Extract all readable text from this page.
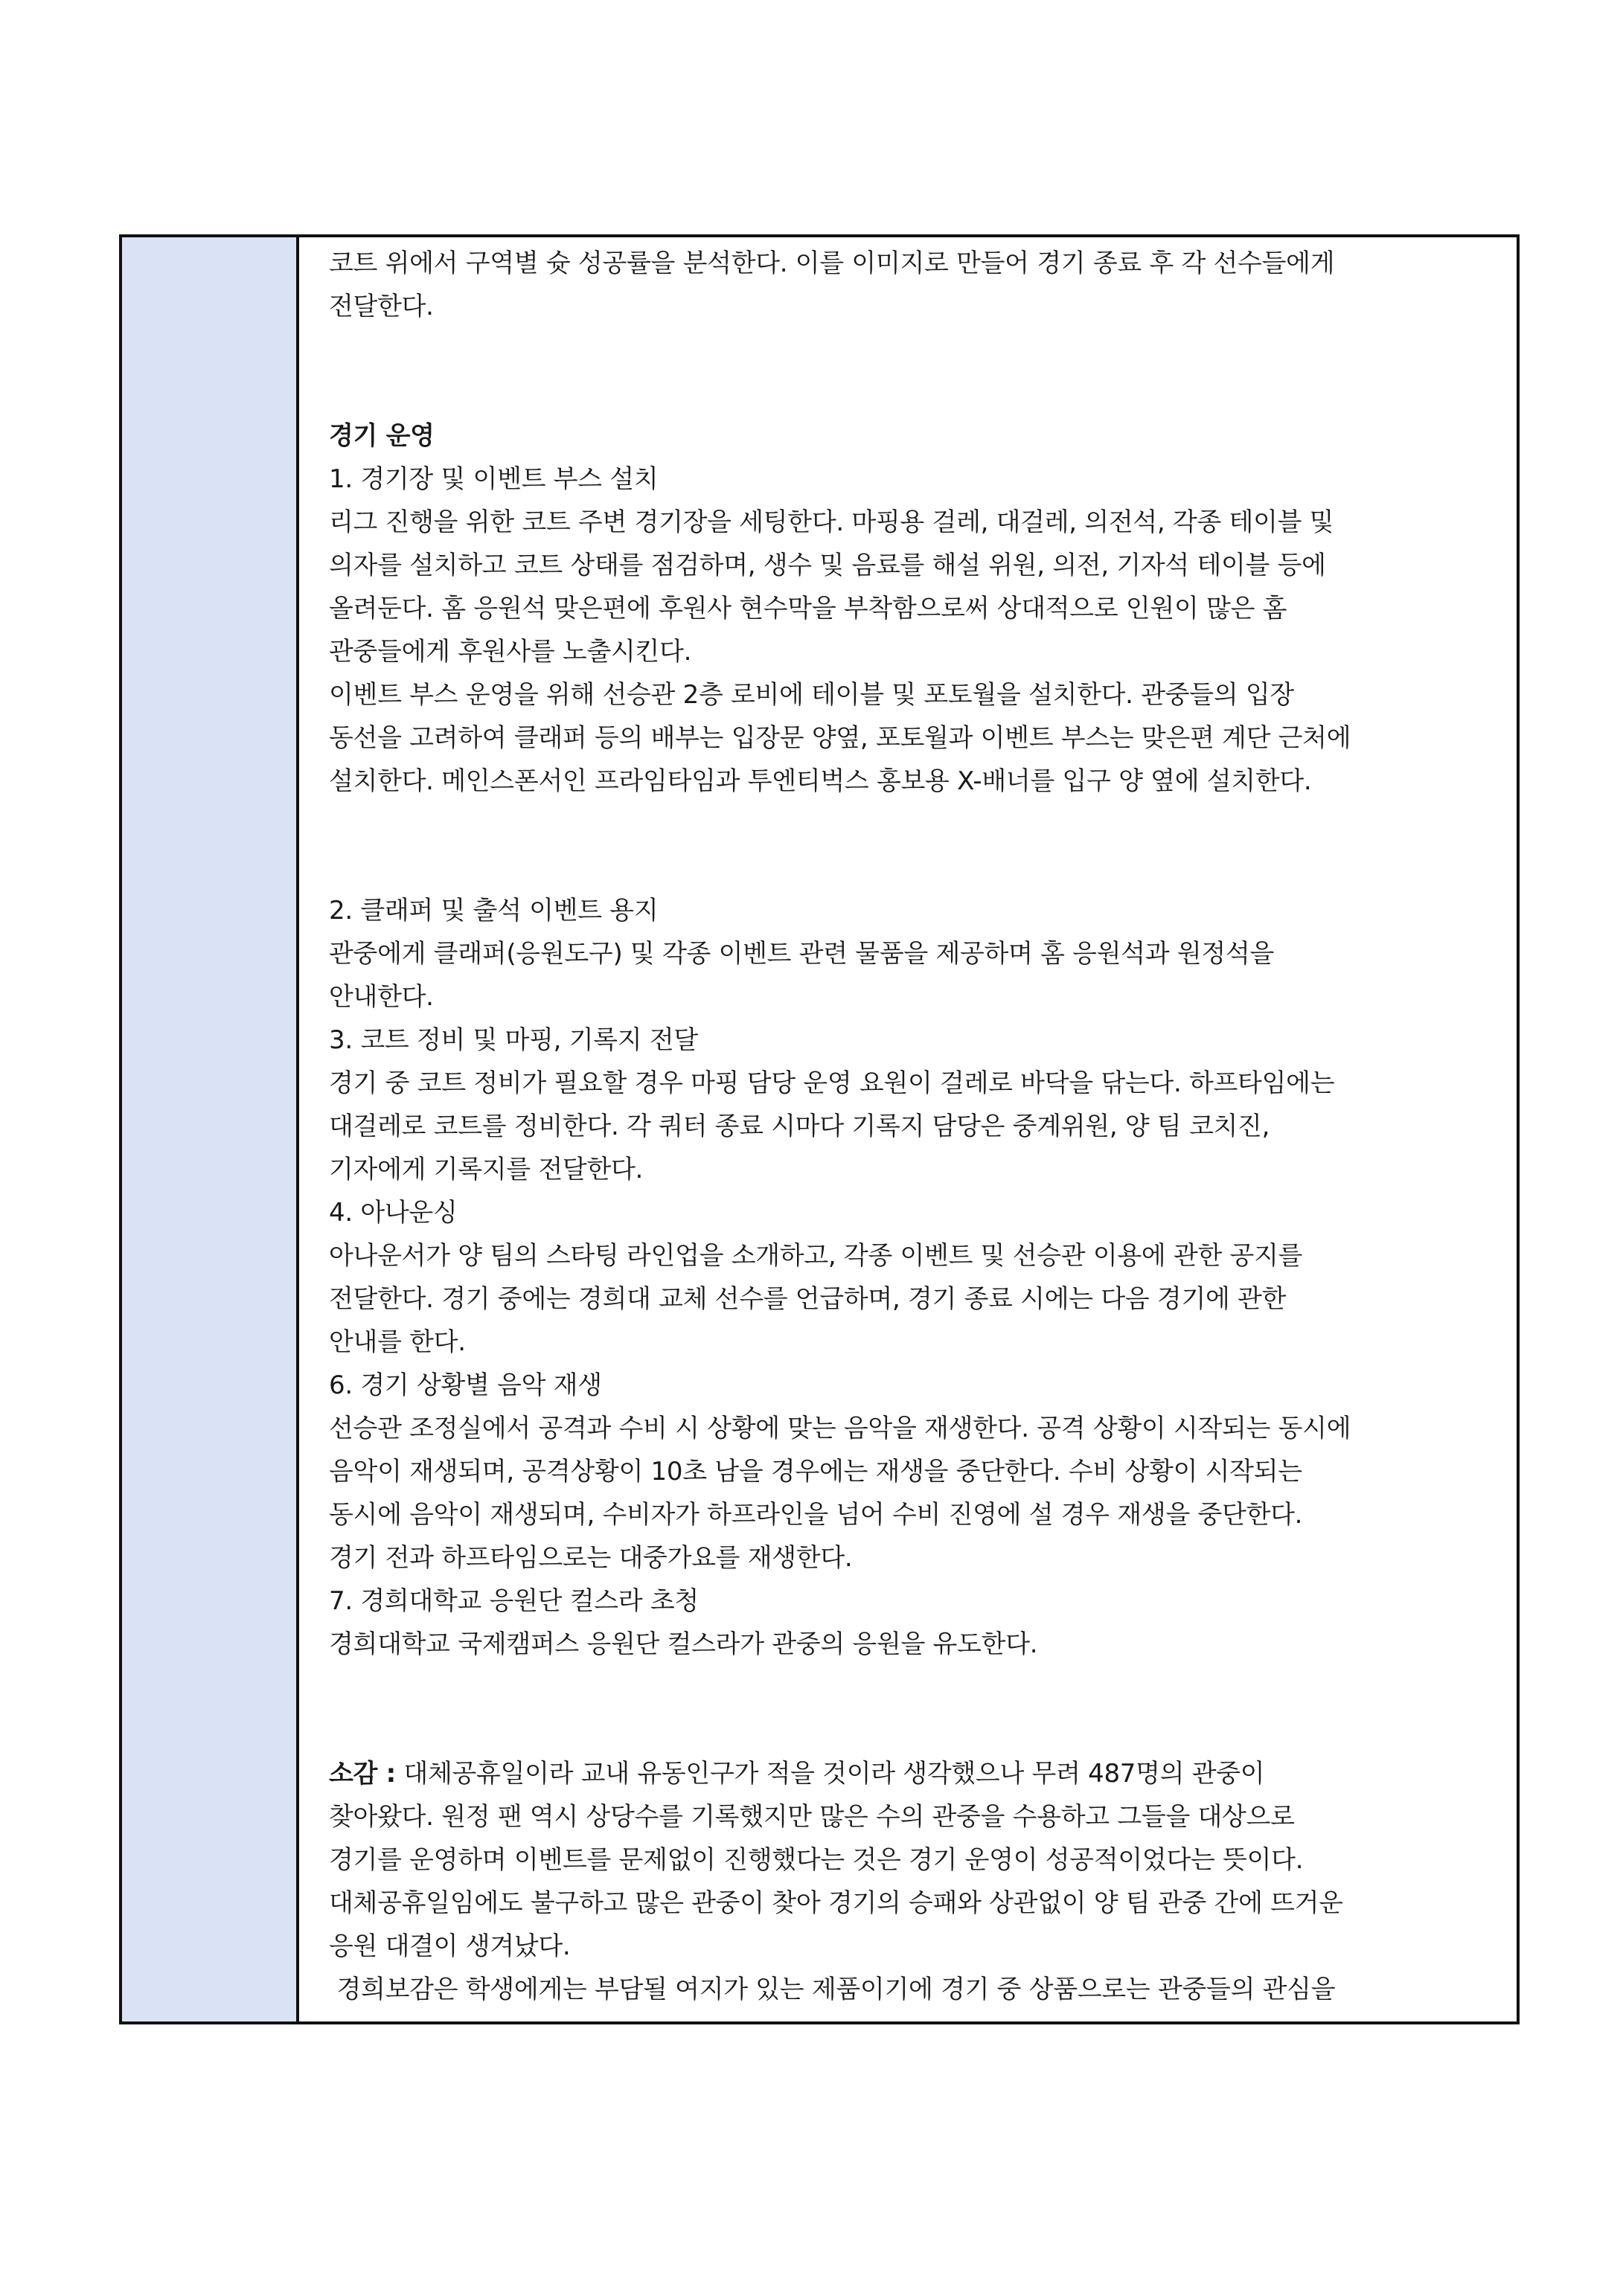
코트 위에서 구역별 슛 성공률을 분석한다. 이를 이미지로 만들어 경기 종료 후 각 선수들에게
전달한다.
경기 운영
1. 경기장 및 이벤트 부스 설치
리그 진행을 위한 코트 주변 경기장을 세팅한다. 마핑용 걸레, 대걸레, 의전석, 각종 테이블 및
의자를 설치하고 코트 상태를 점검하며, 생수 및 음료를 해설 위원, 의전, 기자석 테이블 등에
올려둔다. 홈 응원석 맞은편에 후원사 현수막을 부착함으로써 상대적으로 인원이 많은 홈
관중들에게 후원사를 노출시킨다.
이벤트 부스 운영을 위해 선승관 2층 로비에 테이블 및 포토월을 설치한다. 관중들의 입장
동선을 고려하여 클래퍼 등의 배부는 입장문 양옆, 포토월과 이벤트 부스는 맞은편 계단 근처에
설치한다. 메인스폰서인 프라임타임과 투엔티벅스 홍보용 X-배너를 입구 양 옆에 설치한다.
2. 클래퍼 및 출석 이벤트 용지
관중에게 클래퍼(응원도구) 및 각종 이벤트 관련 물품을 제공하며 홈 응원석과 원정석을
안내한다.
3. 코트 정비 및 마핑, 기록지 전달
경기 중 코트 정비가 필요할 경우 마핑 담당 운영 요원이 걸레로 바닥을 닦는다. 하프타임에는
대걸레로 코트를 정비한다. 각 쿼터 종료 시마다 기록지 담당은 중계위원, 양 팀 코치진,
기자에게 기록지를 전달한다.
4. 아나운싱
아나운서가 양 팀의 스타팅 라인업을 소개하고, 각종 이벤트 및 선승관 이용에 관한 공지를
전달한다. 경기 중에는 경희대 교체 선수를 언급하며, 경기 종료 시에는 다음 경기에 관한
안내를 한다.
6. 경기 상황별 음악 재생
선승관 조정실에서 공격과 수비 시 상황에 맞는 음악을 재생한다. 공격 상황이 시작되는 동시에
음악이 재생되며, 공격상황이 10초 남을 경우에는 재생을 중단한다. 수비 상황이 시작되는
동시에 음악이 재생되며, 수비자가 하프라인을 넘어 수비 진영에 설 경우 재생을 중단한다.
경기 전과 하프타임으로는 대중가요를 재생한다.
7. 경희대학교 응원단 컬스라 초청
경희대학교 국제캠퍼스 응원단 컬스라가 관중의 응원을 유도한다.
소감 : 대체공휴일이라 교내 유동인구가 적을 것이라 생각했으나 무려 487명의 관중이
찾아왔다. 원정 팬 역시 상당수를 기록했지만 많은 수의 관중을 수용하고 그들을 대상으로
경기를 운영하며 이벤트를 문제없이 진행했다는 것은 경기 운영이 성공적이었다는 뜻이다.
대체공휴일임에도 불구하고 많은 관중이 찾아 경기의 승패와 상관없이 양 팀 관중 간에 뜨거운
응원 대결이 생겨났다.
경희보감은 학생에게는 부담될 여지가 있는 제품이기에 경기 중 상품으로는 관중들의 관심을
